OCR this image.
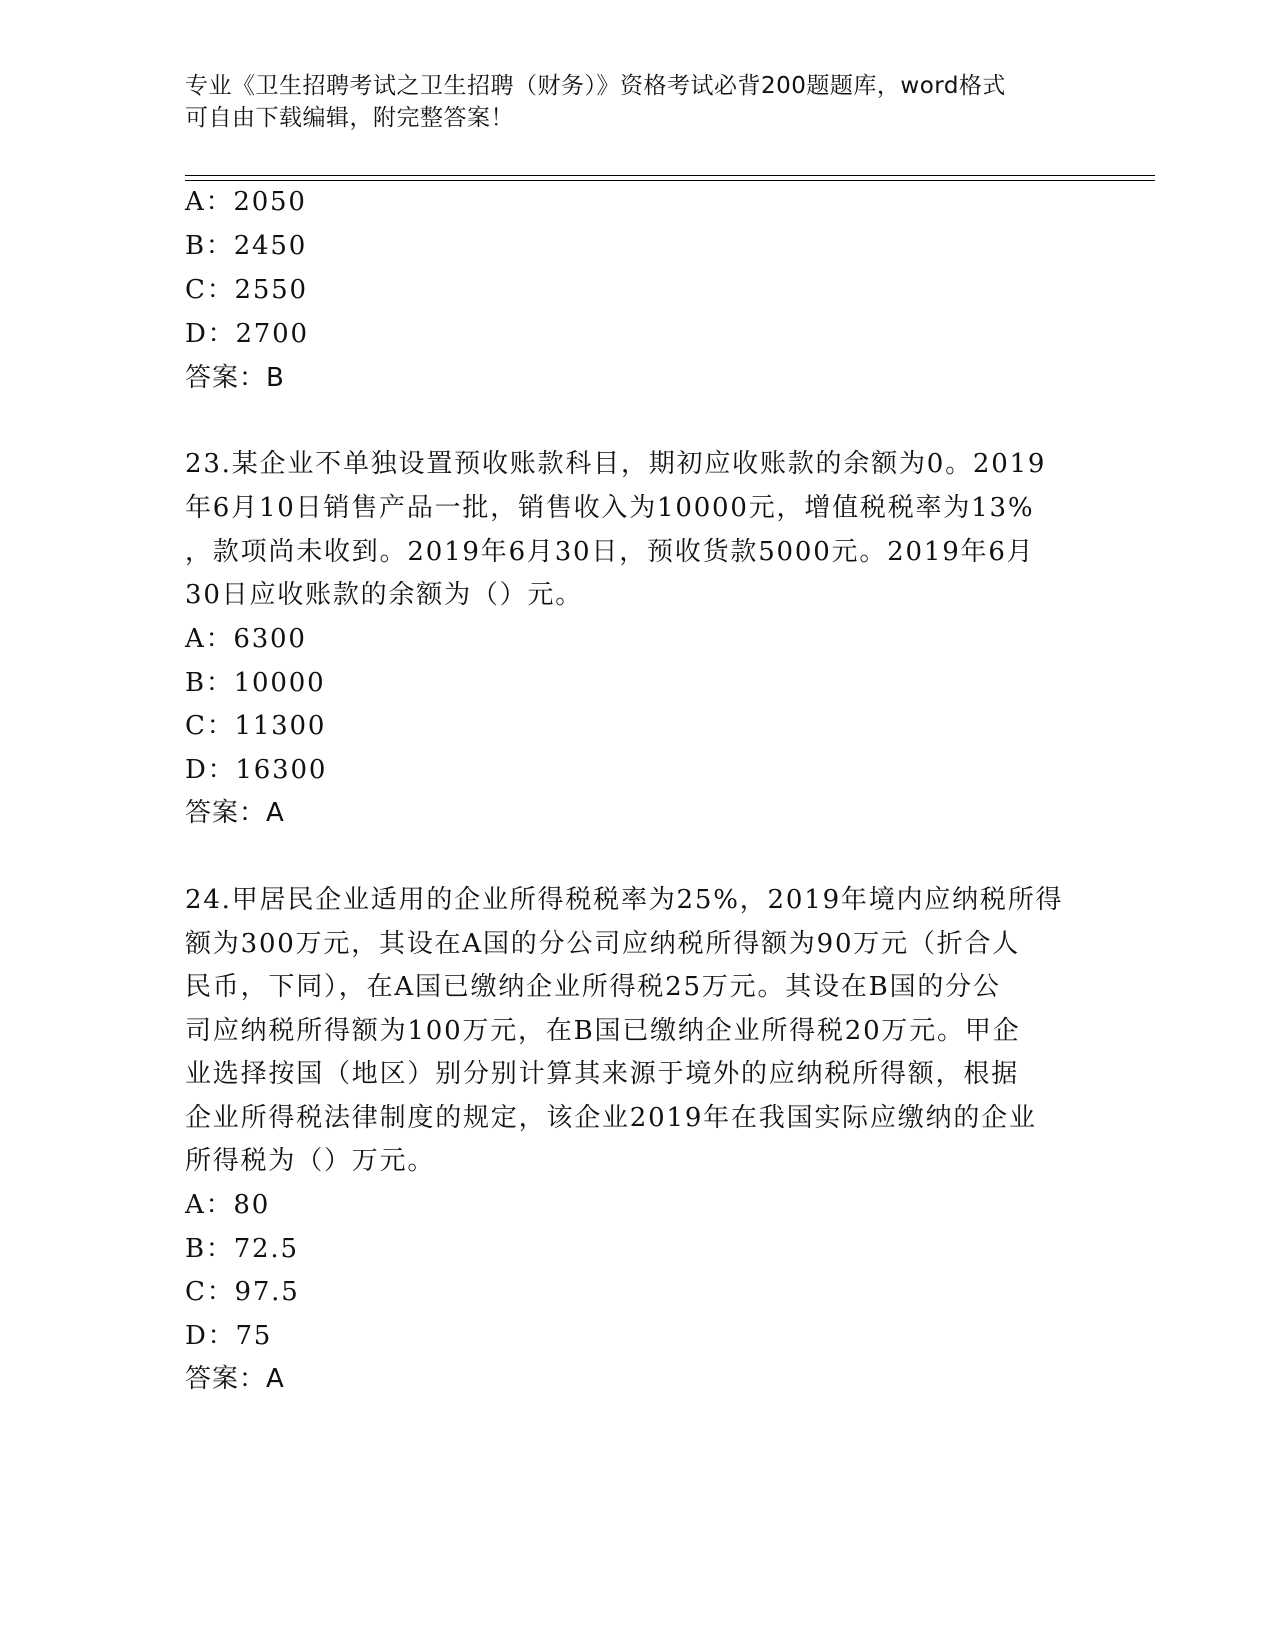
专业《卫生招聘考试之卫生招聘（财务）》资格考试必背200题题库，word格式
可自由下载编辑，附完整答案！
A：2050
B：2450
C：2550
D：2700
答案：B
23.某企业不单独设置预收账款科目，期初应收账款的余额为0。2019
年6月10日销售产品一批，销售收入为10000元，增值税税率为13%
，款项尚未收到。2019年6月30日，预收货款5000元。2019年6月
30日应收账款的余额为（）元。
A：6300
B：10000
C：11300
D：16300
答案：A
24.甲居民企业适用的企业所得税税率为25%，2019年境内应纳税所得
额为300万元，其设在A国的分公司应纳税所得额为90万元（折合人
民币，下同），在A国已缴纳企业所得税25万元。其设在B国的分公
司应纳税所得额为100万元，在B国已缴纳企业所得税20万元。甲企
业选择按国（地区）别分别计算其来源于境外的应纳税所得额，根据
企业所得税法律制度的规定，该企业2019年在我国实际应缴纳的企业
所得税为（）万元。
A：80
B：72.5
C：97.5
D：75
答案：A
